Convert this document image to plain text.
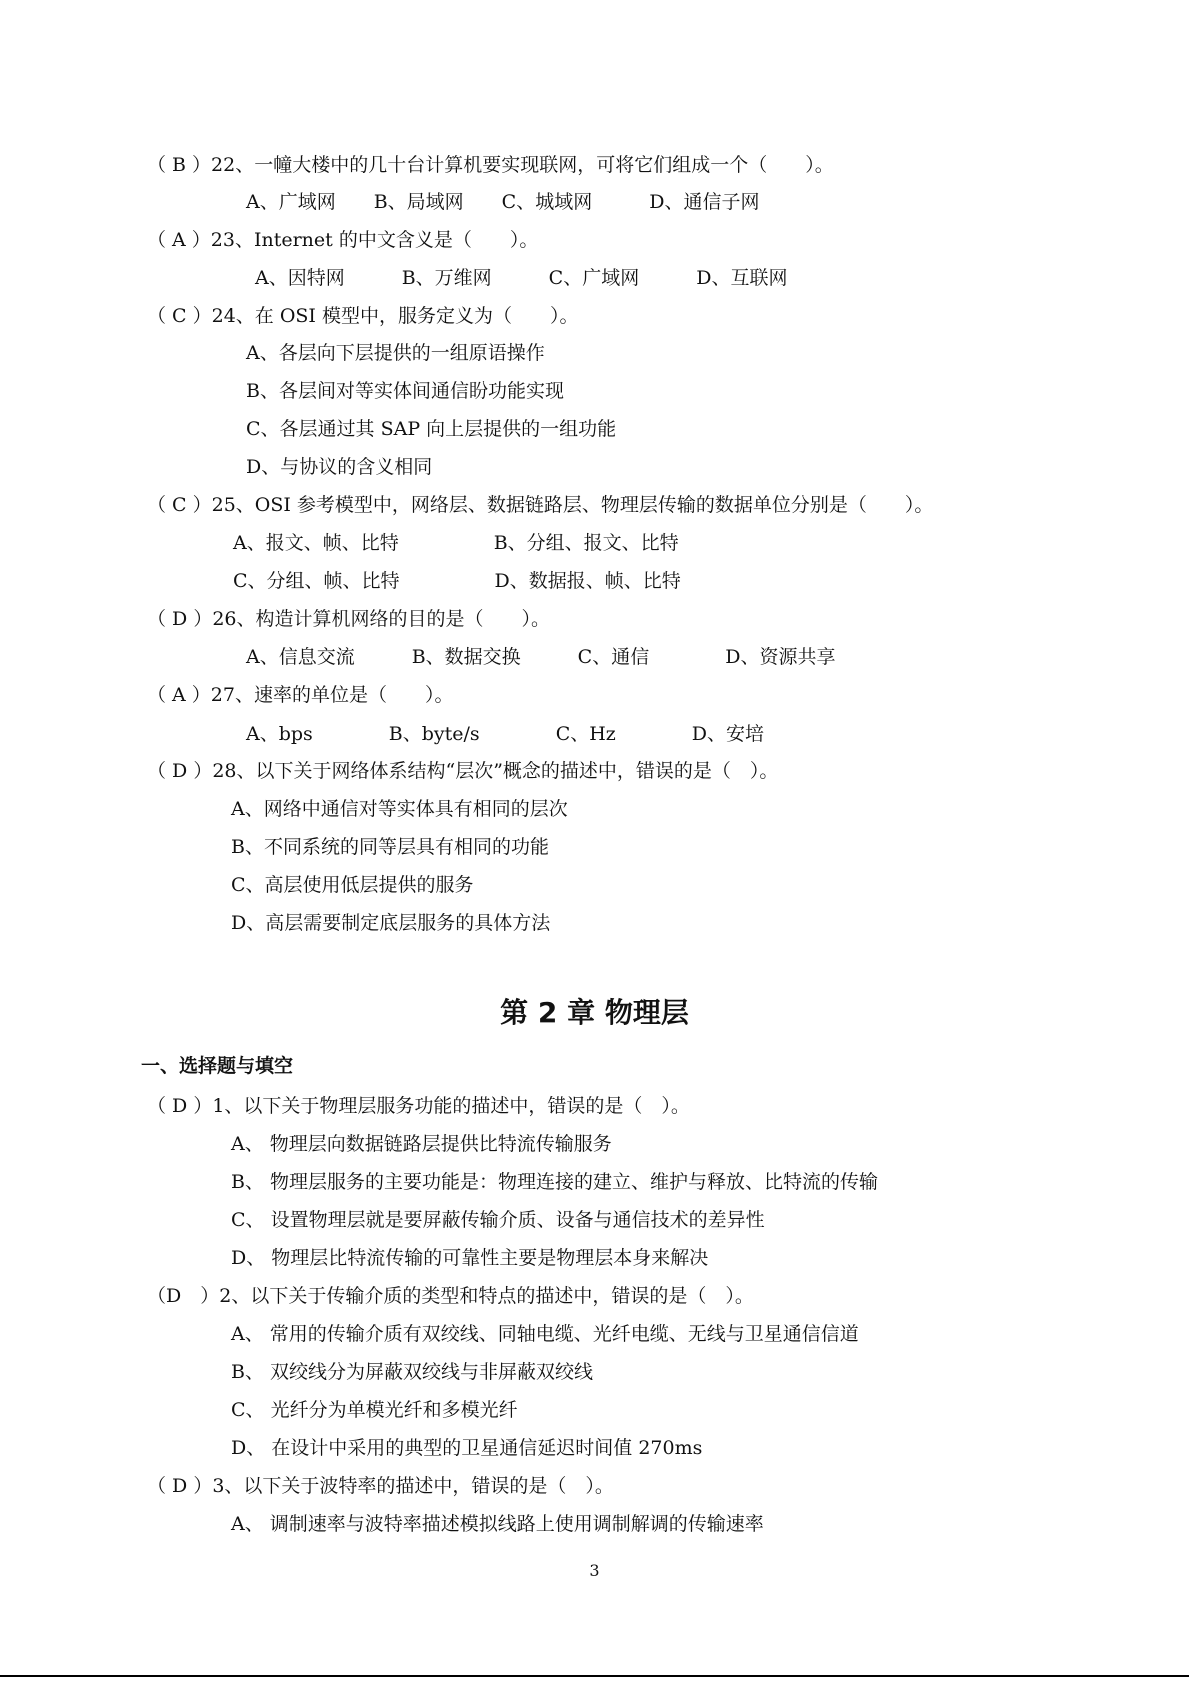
（ B ）22、一幢大楼中的几十台计算机要实现联网，可将它们组成一个（　　）。
A、广域网　　B、局域网　　C、城域网　　　D、通信子网
（ A ）23、Internet 的中文含义是（　　）。
A、因特网　　　B、万维网　　　C、广域网　　　D、互联网
（ C ）24、在 OSI 模型中，服务定义为（　　）。
A、各层向下层提供的一组原语操作
B、各层间对等实体间通信盼功能实现
C、各层通过其 SAP 向上层提供的一组功能
D、与协议的含义相同
（ C ）25、OSI 参考模型中，网络层、数据链路层、物理层传输的数据单位分别是（　　）。
A、报文、帧、比特　　　　　B、分组、报文、比特
C、分组、帧、比特　　　　　D、数据报、帧、比特
（ D ）26、构造计算机网络的目的是（　　）。
A、信息交流　　　B、数据交换　　　C、通信　　　　D、资源共享
（ A ）27、速率的单位是（　　）。
A、bps　　　　B、byte/s　　　　C、Hz　　　　D、安培
（ D ）28、以下关于网络体系结构“层次”概念的描述中，错误的是（　）。
A、网络中通信对等实体具有相同的层次
B、不同系统的同等层具有相同的功能
C、高层使用低层提供的服务
D、高层需要制定底层服务的具体方法
第 2 章 物理层
一、选择题与填空
（ D ）1、以下关于物理层服务功能的描述中，错误的是（　）。
A、 物理层向数据链路层提供比特流传输服务
B、 物理层服务的主要功能是：物理连接的建立、维护与释放、比特流的传输
C、 设置物理层就是要屏蔽传输介质、设备与通信技术的差异性
D、 物理层比特流传输的可靠性主要是物理层本身来解决
（D　）2、以下关于传输介质的类型和特点的描述中，错误的是（　）。
A、 常用的传输介质有双绞线、同轴电缆、光纤电缆、无线与卫星通信信道
B、 双绞线分为屏蔽双绞线与非屏蔽双绞线
C、 光纤分为单模光纤和多模光纤
D、 在设计中采用的典型的卫星通信延迟时间值 270ms
（ D ）3、以下关于波特率的描述中，错误的是（　）。
A、 调制速率与波特率描述模拟线路上使用调制解调的传输速率
3
